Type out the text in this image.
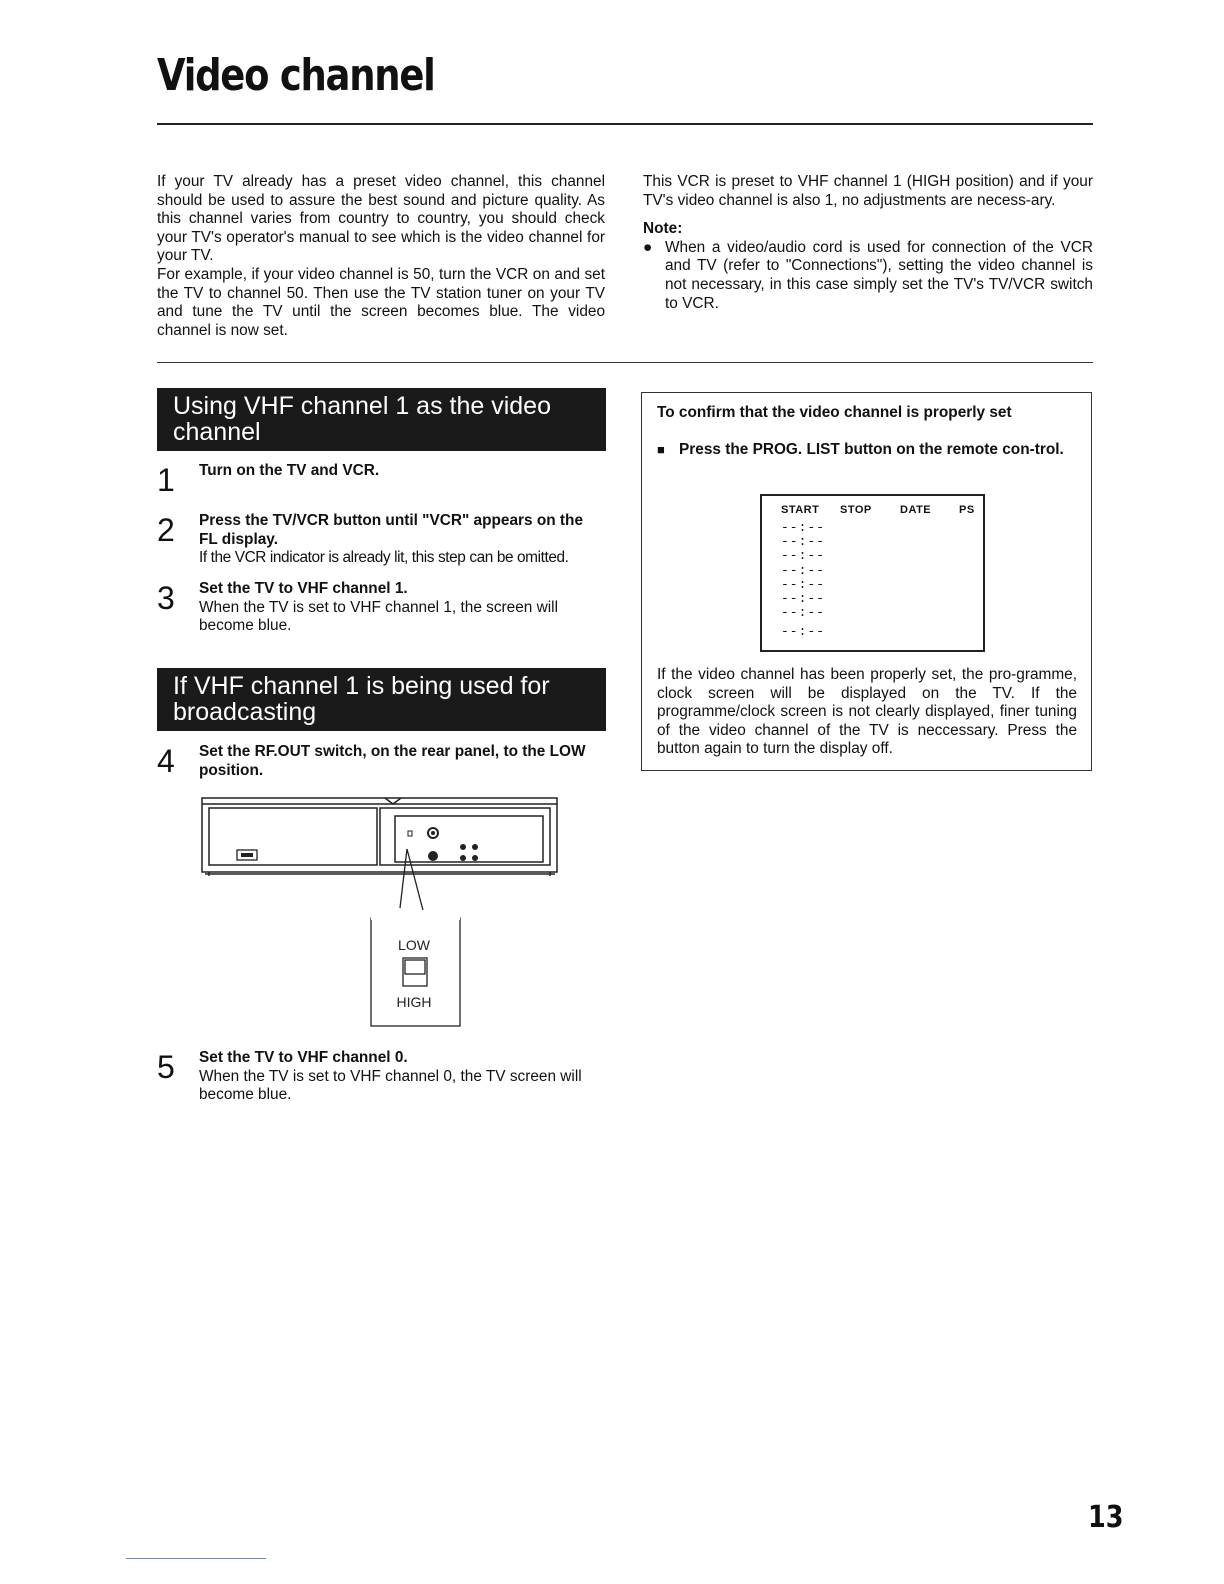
Video channel

If your TV already has a preset video channel, this channel should be used to assure the best sound and picture quality. As this channel varies from country to country, you should check your TV's operator's manual to see which is the video channel for your TV.

For example, if your video channel is 50, turn the VCR on and set the TV to channel 50. Then use the TV station tuner on your TV and tune the TV until the screen becomes blue. The video channel is now set.

This VCR is preset to VHF channel 1 (HIGH position) and if your TV's video channel is also 1, no adjustments are necess-ary.

Note:

● When a video/audio cord is used for connection of the VCR and TV (refer to "Connections"), setting the video channel is not necessary, in this case simply set the TV's TV/VCR switch to VCR.
Using VHF channel 1 as the video channel
1 Turn on the TV and VCR.
2 Press the TV/VCR button until "VCR" appears on the FL display.
If the VCR indicator is already lit, this step can be omitted.
3 Set the TV to VHF channel 1.
When the TV is set to VHF channel 1, the screen will become blue.
If VHF channel 1 is being used for broadcasting
4 Set the RF.OUT switch, on the rear panel, to the LOW position.
LOW
HIGH
5 Set the TV to VHF channel 0.
When the TV is set to VHF channel 0, the TV screen will become blue.
To confirm that the video channel is properly set
■ Press the PROG. LIST button on the remote con-trol.
START STOP	DATE	PS
--:--
--:--
--:--
--:--
--:--
--:--
--:--
--:--
If the video channel has been properly set, the pro-gramme, clock screen will be displayed on the TV. If the programme/clock screen is not clearly displayed, finer tuning of the video channel of the TV is neccessary. Press the button again to turn the display off.
13
